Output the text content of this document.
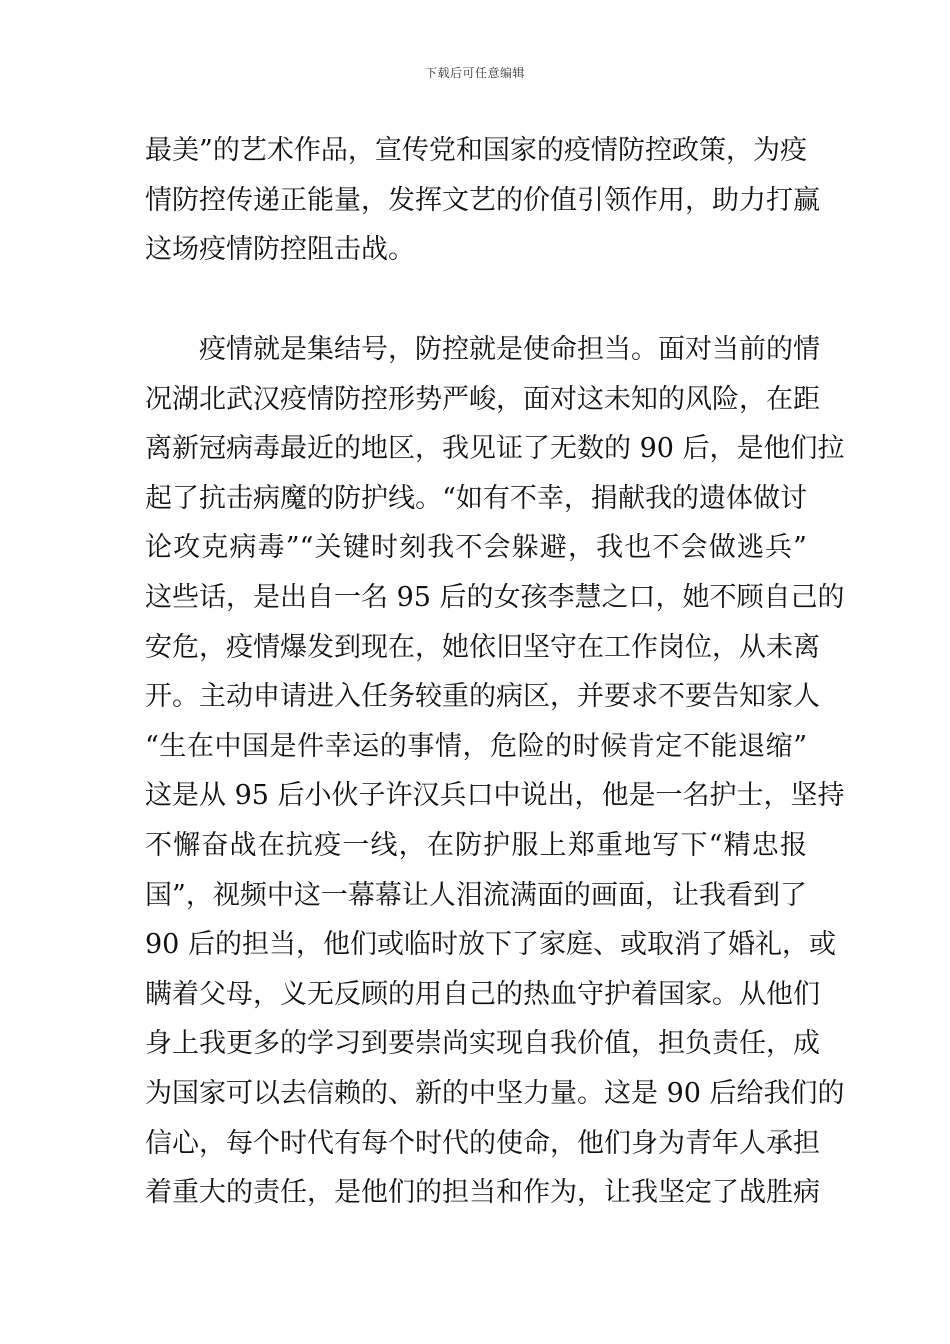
下载后可任意编辑
最美”的艺术作品，宣传党和国家的疫情防控政策，为疫
情防控传递正能量，发挥文艺的价值引领作用，助力打赢
这场疫情防控阻击战。
疫情就是集结号，防控就是使命担当。面对当前的情
况湖北武汉疫情防控形势严峻，面对这未知的风险，在距
离新冠病毒最近的地区，我见证了无数的 90 后，是他们拉
起了抗击病魔的防护线。“如有不幸，捐献我的遗体做讨
论攻克病毒”“关键时刻我不会躲避，我也不会做逃兵”
这些话，是出自一名 95 后的女孩李慧之口，她不顾自己的
安危，疫情爆发到现在，她依旧坚守在工作岗位，从未离
开。主动申请进入任务较重的病区，并要求不要告知家人
“生在中国是件幸运的事情，危险的时候肯定不能退缩”
这是从 95 后小伙子许汉兵口中说出，他是一名护士，坚持
不懈奋战在抗疫一线，在防护服上郑重地写下“精忠报
国”，视频中这一幕幕让人泪流满面的画面，让我看到了
90 后的担当，他们或临时放下了家庭、或取消了婚礼，或
瞒着父母，义无反顾的用自己的热血守护着国家。从他们
身上我更多的学习到要崇尚实现自我价值，担负责任，成
为国家可以去信赖的、新的中坚力量。这是 90 后给我们的
信心，每个时代有每个时代的使命，他们身为青年人承担
着重大的责任，是他们的担当和作为，让我坚定了战胜病
